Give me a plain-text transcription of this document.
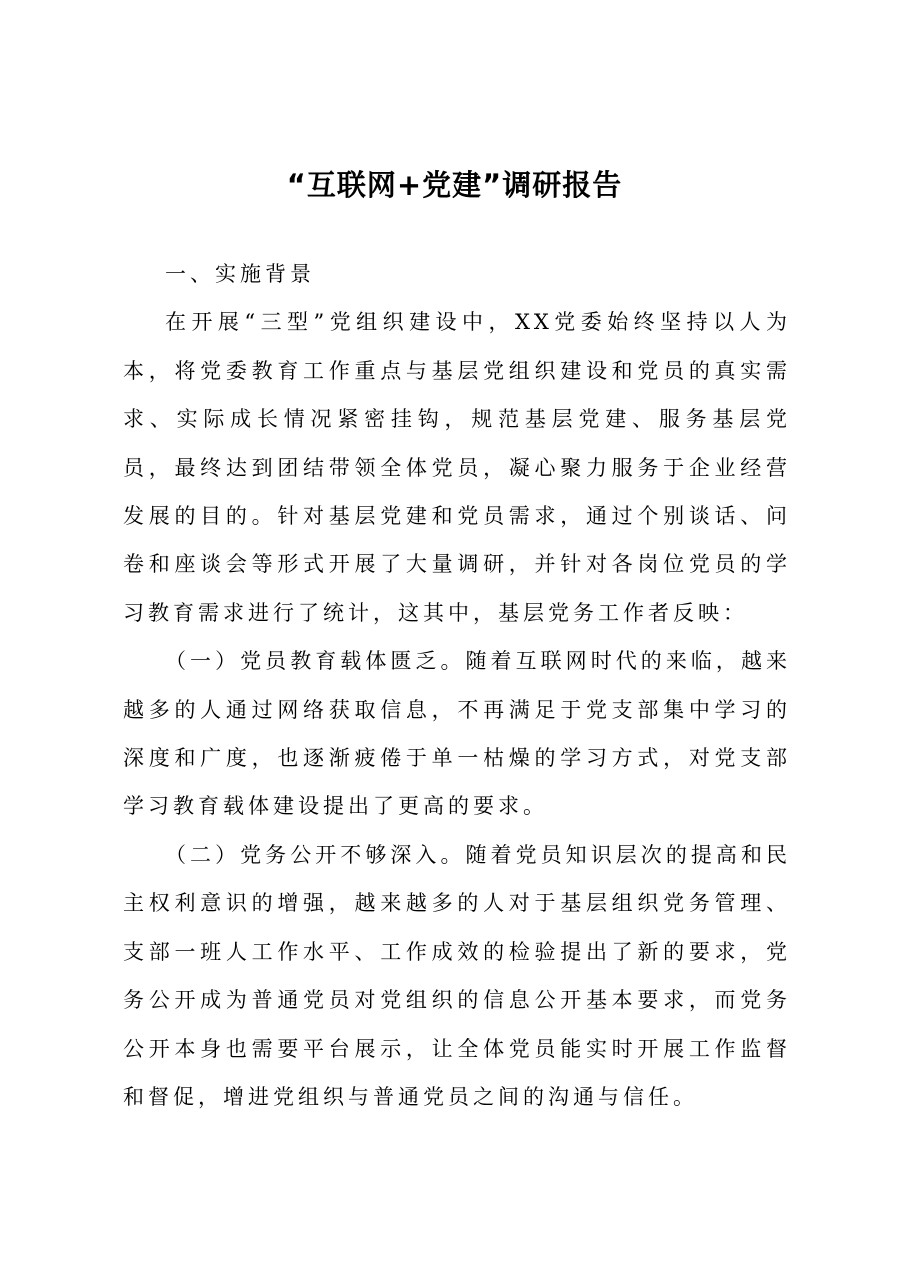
“互联网+党建”调研报告

一、实施背景

在开展“三型”党组织建设中，XX党委始终坚持以人为本，将党委教育工作重点与基层党组织建设和党员的真实需求、实际成长情况紧密挂钩，规范基层党建、服务基层党员，最终达到团结带领全体党员，凝心聚力服务于企业经营发展的目的。针对基层党建和党员需求，通过个别谈话、问卷和座谈会等形式开展了大量调研，并针对各岗位党员的学习教育需求进行了统计，这其中，基层党务工作者反映：

（一）党员教育载体匮乏。随着互联网时代的来临，越来越多的人通过网络获取信息，不再满足于党支部集中学习的深度和广度，也逐渐疲倦于单一枯燥的学习方式，对党支部学习教育载体建设提出了更高的要求。

（二）党务公开不够深入。随着党员知识层次的提高和民主权利意识的增强，越来越多的人对于基层组织党务管理、支部一班人工作水平、工作成效的检验提出了新的要求，党务公开成为普通党员对党组织的信息公开基本要求，而党务公开本身也需要平台展示，让全体党员能实时开展工作监督和督促，增进党组织与普通党员之间的沟通与信任。
